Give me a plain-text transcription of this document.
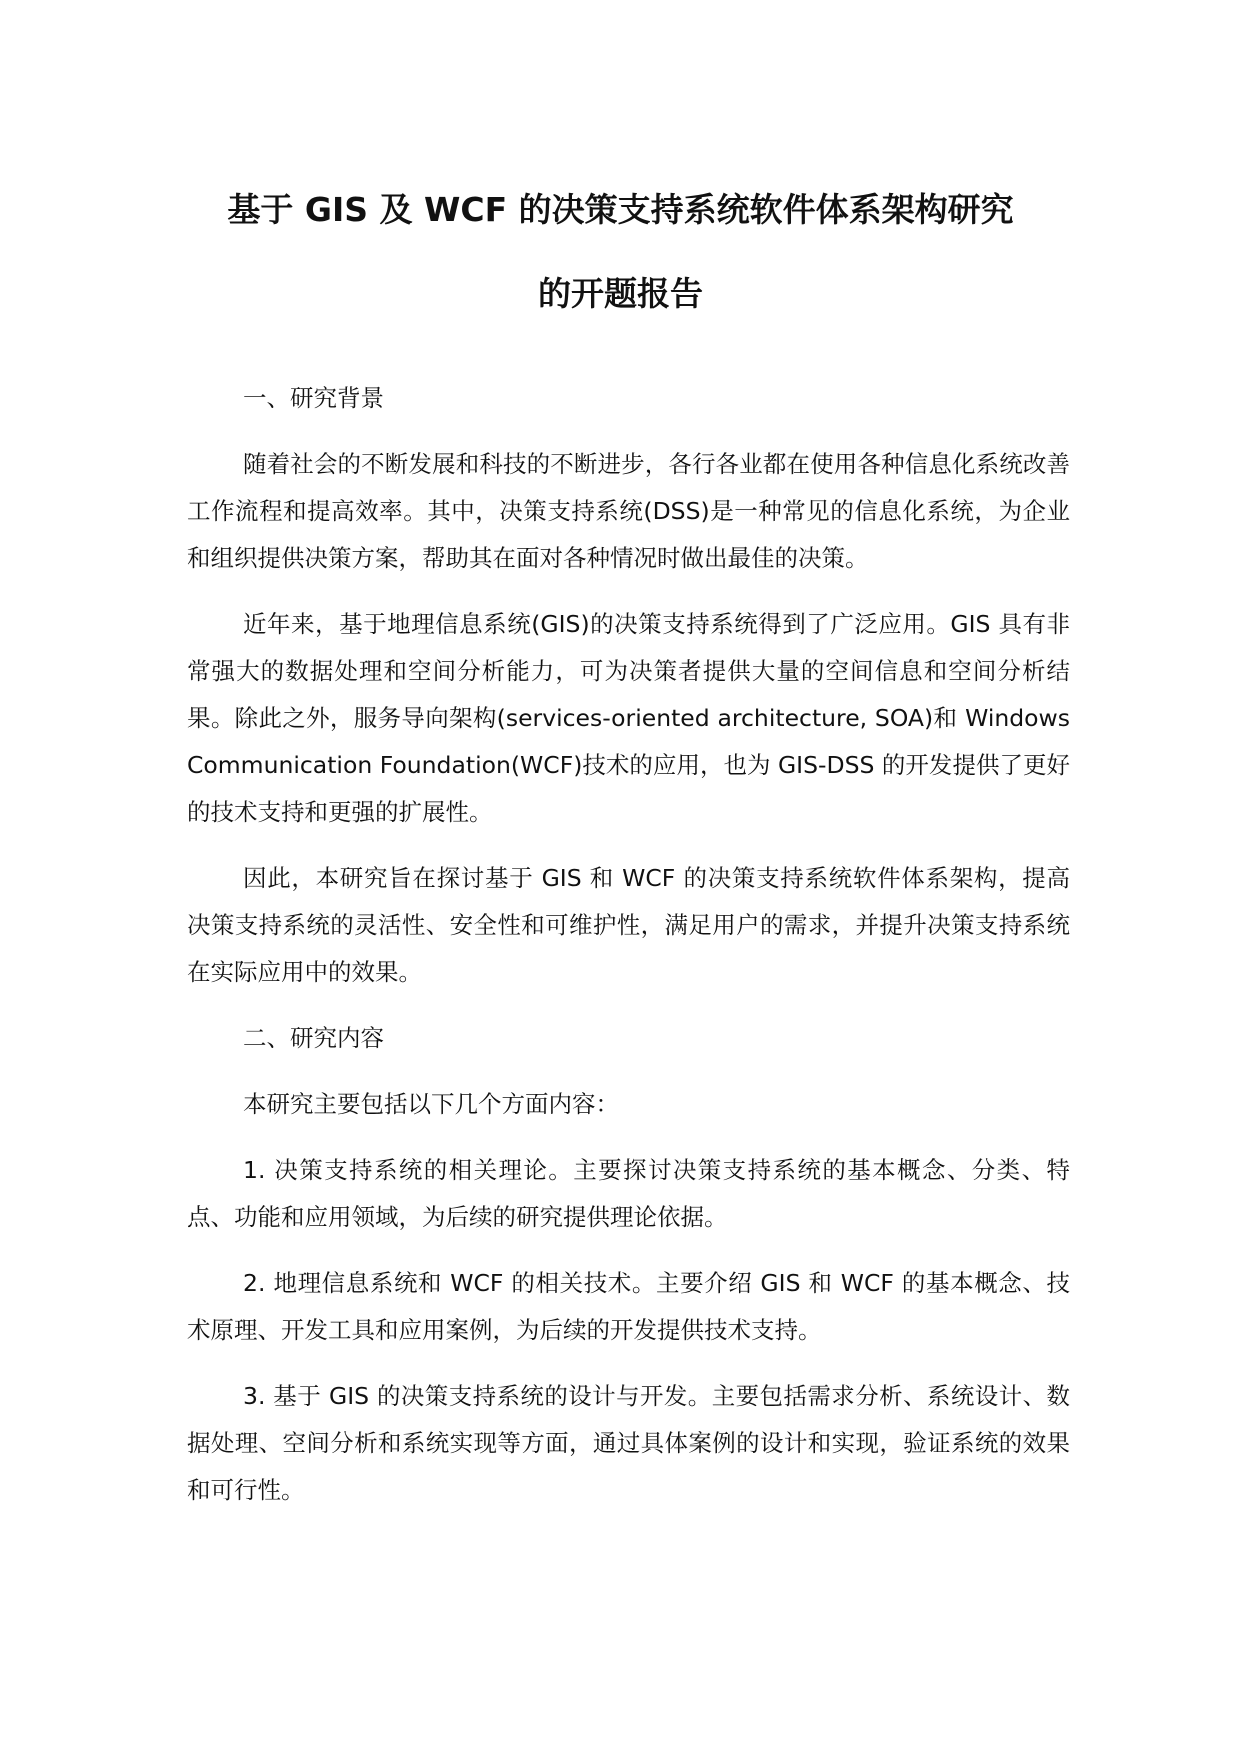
基于 GIS 及 WCF 的决策支持系统软件体系架构研究
的开题报告

一、研究背景

随着社会的不断发展和科技的不断进步，各行各业都在使用各种信息化系统改善工作流程和提高效率。其中，决策支持系统(DSS)是一种常见的信息化系统，为企业和组织提供决策方案，帮助其在面对各种情况时做出最佳的决策。

近年来，基于地理信息系统(GIS)的决策支持系统得到了广泛应用。GIS 具有非常强大的数据处理和空间分析能力，可为决策者提供大量的空间信息和空间分析结果。除此之外，服务导向架构(services-oriented architecture, SOA)和 Windows Communication Foundation(WCF)技术的应用，也为 GIS-DSS 的开发提供了更好的技术支持和更强的扩展性。

因此，本研究旨在探讨基于 GIS 和 WCF 的决策支持系统软件体系架构，提高决策支持系统的灵活性、安全性和可维护性，满足用户的需求，并提升决策支持系统在实际应用中的效果。

二、研究内容

本研究主要包括以下几个方面内容：

1. 决策支持系统的相关理论。主要探讨决策支持系统的基本概念、分类、特点、功能和应用领域，为后续的研究提供理论依据。

2. 地理信息系统和 WCF 的相关技术。主要介绍 GIS 和 WCF 的基本概念、技术原理、开发工具和应用案例，为后续的开发提供技术支持。

3. 基于 GIS 的决策支持系统的设计与开发。主要包括需求分析、系统设计、数据处理、空间分析和系统实现等方面，通过具体案例的设计和实现，验证系统的效果和可行性。
